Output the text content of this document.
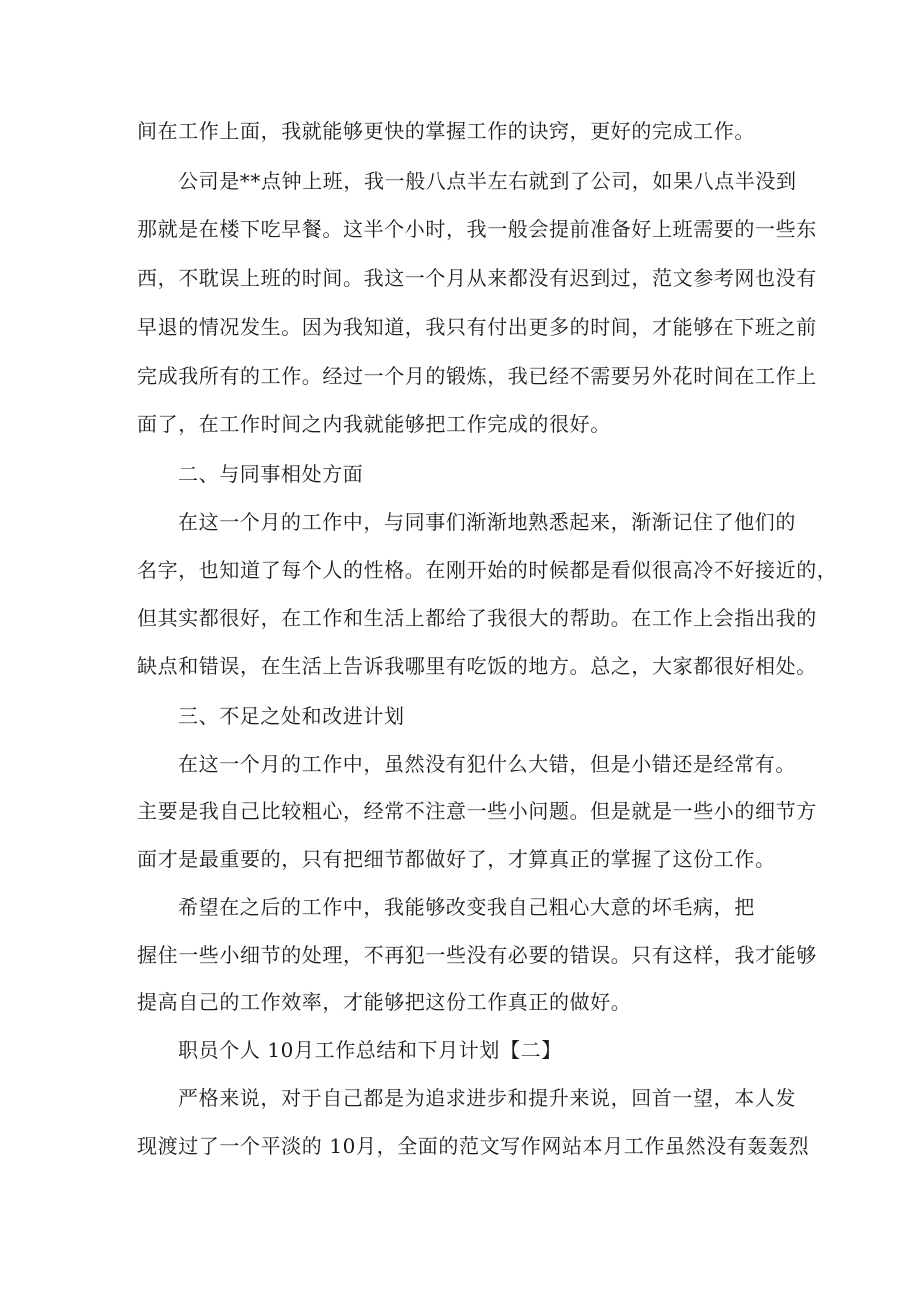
间在工作上面，我就能够更快的掌握工作的诀窍，更好的完成工作。
公司是**点钟上班，我一般八点半左右就到了公司，如果八点半没到
那就是在楼下吃早餐。这半个小时，我一般会提前准备好上班需要的一些东
西，不耽误上班的时间。我这一个月从来都没有迟到过，范文参考网也没有
早退的情况发生。因为我知道，我只有付出更多的时间，才能够在下班之前
完成我所有的工作。经过一个月的锻炼，我已经不需要另外花时间在工作上
面了，在工作时间之内我就能够把工作完成的很好。
二、与同事相处方面
在这一个月的工作中，与同事们渐渐地熟悉起来，渐渐记住了他们的
名字，也知道了每个人的性格。在刚开始的时候都是看似很高冷不好接近的，
但其实都很好，在工作和生活上都给了我很大的帮助。在工作上会指出我的
缺点和错误，在生活上告诉我哪里有吃饭的地方。总之，大家都很好相处。
三、不足之处和改进计划
在这一个月的工作中，虽然没有犯什么大错，但是小错还是经常有。
主要是我自己比较粗心，经常不注意一些小问题。但是就是一些小的细节方
面才是最重要的，只有把细节都做好了，才算真正的掌握了这份工作。
希望在之后的工作中，我能够改变我自己粗心大意的坏毛病，把
握住一些小细节的处理，不再犯一些没有必要的错误。只有这样，我才能够
提高自己的工作效率，才能够把这份工作真正的做好。
职员个人 10月工作总结和下月计划【二】
严格来说，对于自己都是为追求进步和提升来说，回首一望，本人发
现渡过了一个平淡的 10月，全面的范文写作网站本月工作虽然没有轰轰烈
